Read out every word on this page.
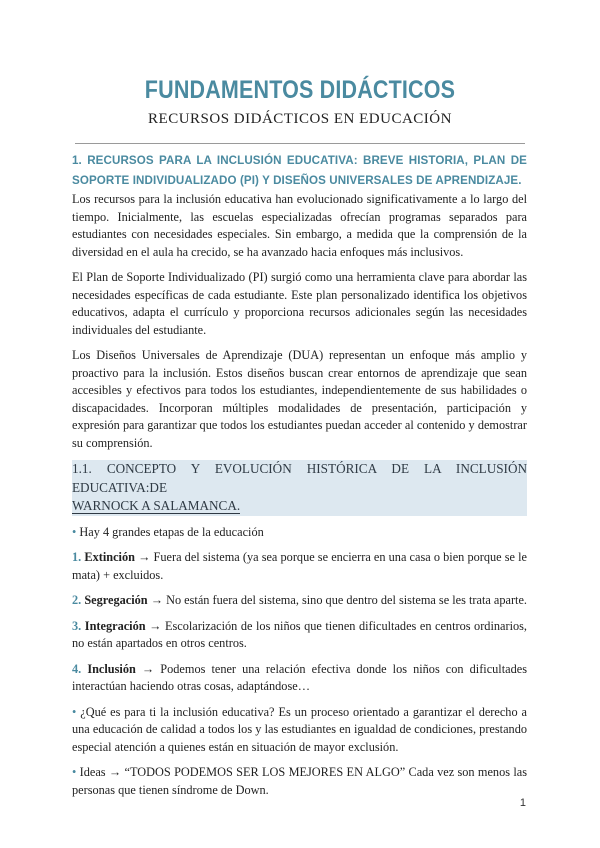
FUNDAMENTOS DIDÁCTICOS
RECURSOS DIDÁCTICOS EN EDUCACIÓN

1. RECURSOS PARA LA INCLUSIÓN EDUCATIVA: BREVE HISTORIA, PLAN DE SOPORTE INDIVIDUALIZADO (PI) Y DISEÑOS UNIVERSALES DE APRENDIZAJE.

Los recursos para la inclusión educativa han evolucionado significativamente a lo largo del tiempo. Inicialmente, las escuelas especializadas ofrecían programas separados para estudiantes con necesidades especiales. Sin embargo, a medida que la comprensión de la diversidad en el aula ha crecido, se ha avanzado hacia enfoques más inclusivos.

El Plan de Soporte Individualizado (PI) surgió como una herramienta clave para abordar las necesidades específicas de cada estudiante. Este plan personalizado identifica los objetivos educativos, adapta el currículo y proporciona recursos adicionales según las necesidades individuales del estudiante.

Los Diseños Universales de Aprendizaje (DUA) representan un enfoque más amplio y proactivo para la inclusión. Estos diseños buscan crear entornos de aprendizaje que sean accesibles y efectivos para todos los estudiantes, independientemente de sus habilidades o discapacidades. Incorporan múltiples modalidades de presentación, participación y expresión para garantizar que todos los estudiantes puedan acceder al contenido y demostrar su comprensión.

1.1. CONCEPTO Y EVOLUCIÓN HISTÓRICA DE LA INCLUSIÓN EDUCATIVA:DE
WARNOCK A SALAMANCA.

• Hay 4 grandes etapas de la educación

1. Extinción → Fuera del sistema (ya sea porque se encierra en una casa o bien porque se le mata) + excluidos.

2. Segregación → No están fuera del sistema, sino que dentro del sistema se les trata aparte.

3. Integración → Escolarización de los niños que tienen dificultades en centros ordinarios, no están apartados en otros centros.

4. Inclusión → Podemos tener una relación efectiva donde los niños con dificultades interactúan haciendo otras cosas, adaptándose…

• ¿Qué es para ti la inclusión educativa? Es un proceso orientado a garantizar el derecho a una educación de calidad a todos los y las estudiantes en igualdad de condiciones, prestando especial atención a quienes están en situación de mayor exclusión.

• Ideas → “TODOS PODEMOS SER LOS MEJORES EN ALGO” Cada vez son menos las personas que tienen síndrome de Down.

1
